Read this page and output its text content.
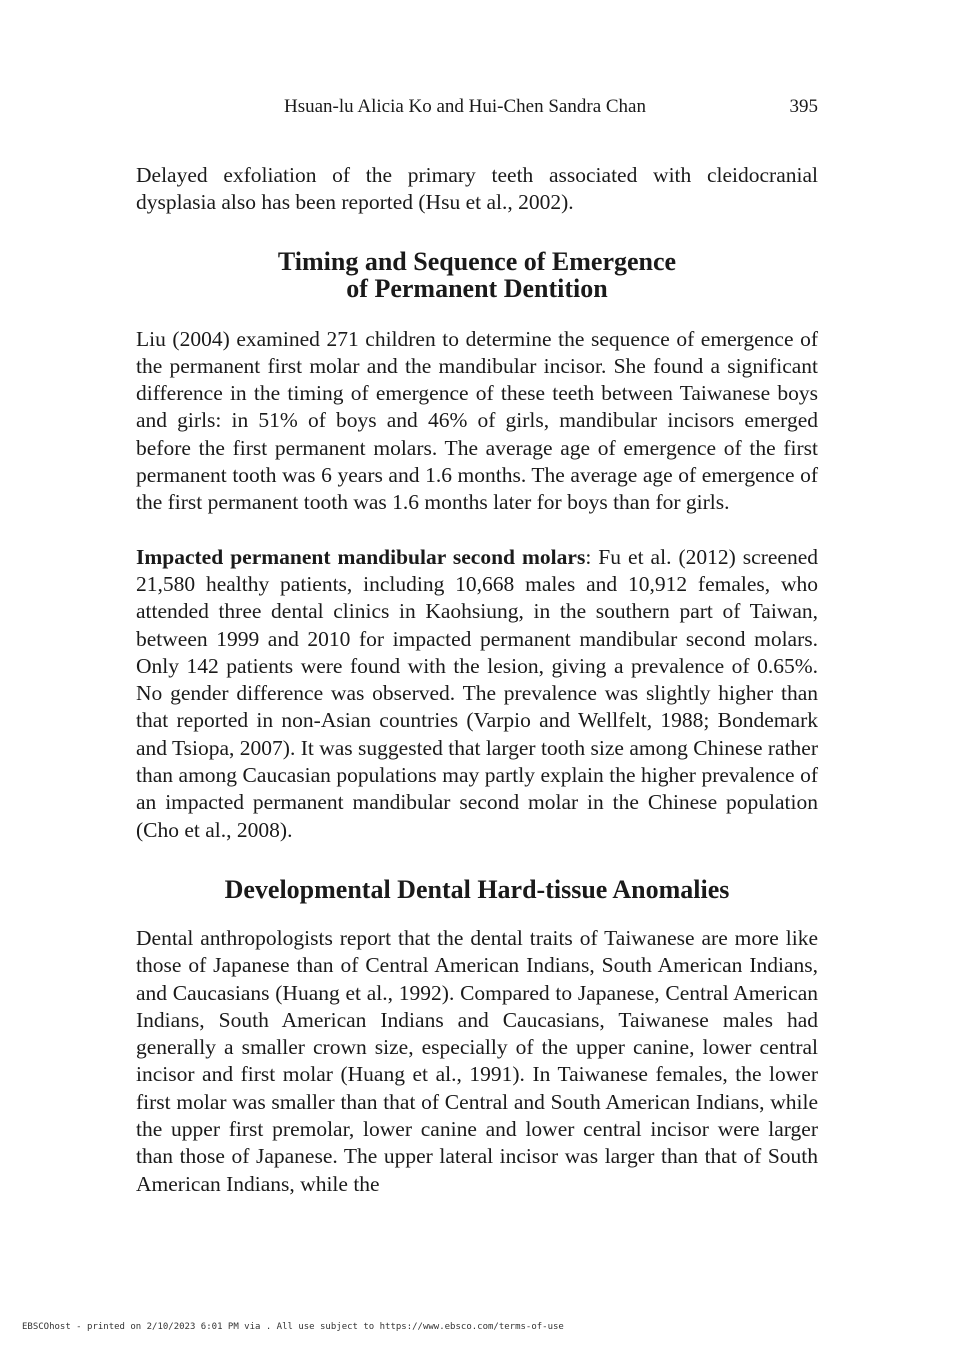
Hsuan-lu Alicia Ko and Hui-Chen Sandra Chan	395

Delayed exfoliation of the primary teeth associated with cleidocranial dysplasia also has been reported (Hsu et al., 2002).

Timing and Sequence of Emergence
of Permanent Dentition

Liu (2004) examined 271 children to determine the sequence of emergence of the permanent first molar and the mandibular incisor. She found a significant difference in the timing of emergence of these teeth between Taiwanese boys and girls: in 51% of boys and 46% of girls, mandibular incisors emerged before the first permanent molars. The average age of emergence of the first permanent tooth was 6 years and 1.6 months. The average age of emergence of the first permanent tooth was 1.6 months later for boys than for girls.

Impacted permanent mandibular second molars: Fu et al. (2012) screened 21,580 healthy patients, including 10,668 males and 10,912 females, who attended three dental clinics in Kaohsiung, in the southern part of Taiwan, between 1999 and 2010 for impacted permanent mandibular second molars. Only 142 patients were found with the lesion, giving a prevalence of 0.65%. No gender difference was observed. The prevalence was slightly higher than that reported in non-Asian countries (Varpio and Wellfelt, 1988; Bondemark and Tsiopa, 2007). It was suggested that larger tooth size among Chinese rather than among Caucasian populations may partly explain the higher prevalence of an impacted permanent mandibular second molar in the Chinese population (Cho et al., 2008).

Developmental Dental Hard-tissue Anomalies

Dental anthropologists report that the dental traits of Taiwanese are more like those of Japanese than of Central American Indians, South American Indians, and Caucasians (Huang et al., 1992). Compared to Japanese, Central American Indians, South American Indians and Caucasians, Taiwanese males had generally a smaller crown size, especially of the upper canine, lower central incisor and first molar (Huang et al., 1991). In Taiwanese females, the lower first molar was smaller than that of Central and South American Indians, while the upper first premolar, lower canine and lower central incisor were larger than those of Japanese. The upper lateral incisor was larger than that of South American Indians, while the

EBSCOhost - printed on 2/10/2023 6:01 PM via . All use subject to https://www.ebsco.com/terms-of-use
